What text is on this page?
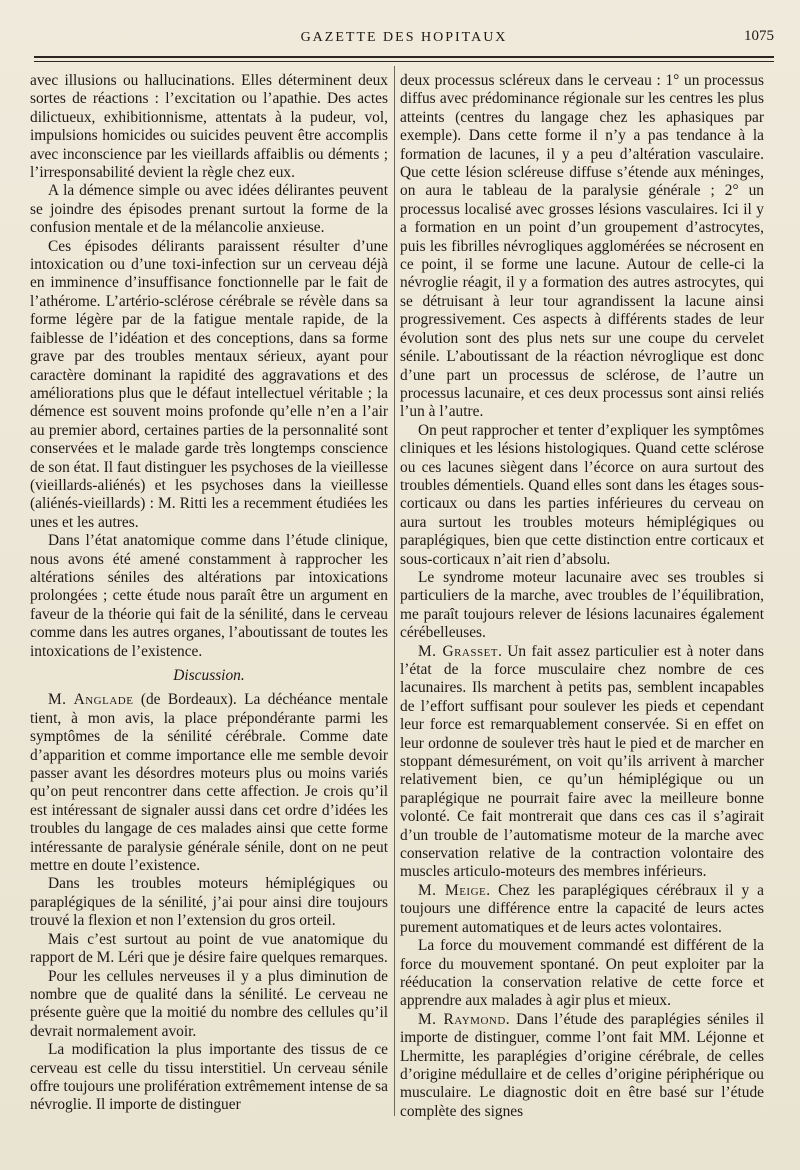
GAZETTE DES HOPITAUX	1075

avec illusions ou hallucinations. Elles déterminent deux sortes de réactions : l’excitation ou l’apathie. Des actes dilictueux, exhibitionnisme, attentats à la pudeur, vol, impulsions homicides ou suicides peuvent être accomplis avec inconscience par les vieillards affaiblis ou déments ; l’irresponsabilité devient la règle chez eux.

A la démence simple ou avec idées délirantes peuvent se joindre des épisodes prenant surtout la forme de la confusion mentale et de la mélancolie anxieuse.

Ces épisodes délirants paraissent résulter d’une intoxication ou d’une toxi-infection sur un cerveau déjà en imminence d’insuffisance fonctionnelle par le fait de l’athérome. L’artério-sclérose cérébrale se révèle dans sa forme légère par de la fatigue mentale rapide, de la faiblesse de l’idéation et des conceptions, dans sa forme grave par des troubles mentaux sérieux, ayant pour caractère dominant la rapidité des aggravations et des améliorations plus que le défaut intellectuel véritable ; la démence est souvent moins profonde qu’elle n’en a l’air au premier abord, certaines parties de la personnalité sont conservées et le malade garde très longtemps conscience de son état. Il faut distinguer les psychoses de la vieillesse (vieillards-aliénés) et les psychoses dans la vieillesse (aliénés-vieillards) : M. Ritti les a recemment étudiées les unes et les autres.

Dans l’état anatomique comme dans l’étude clinique, nous avons été amené constamment à rapprocher les altérations séniles des altérations par intoxications prolongées ; cette étude nous paraît être un argument en faveur de la théorie qui fait de la sénilité, dans le cerveau comme dans les autres organes, l’aboutissant de toutes les intoxications de l’existence.

Discussion.

M. Anglade (de Bordeaux). La déchéance mentale tient, à mon avis, la place prépondérante parmi les symptômes de la sénilité cérébrale. Comme date d’apparition et comme importance elle me semble devoir passer avant les désordres moteurs plus ou moins variés qu’on peut rencontrer dans cette affection. Je crois qu’il est intéressant de signaler aussi dans cet ordre d’idées les troubles du langage de ces malades ainsi que cette forme intéressante de paralysie générale sénile, dont on ne peut mettre en doute l’existence.

Dans les troubles moteurs hémiplégiques ou paraplégiques de la sénilité, j’ai pour ainsi dire toujours trouvé la flexion et non l’extension du gros orteil.

Mais c’est surtout au point de vue anatomique du rapport de M. Léri que je désire faire quelques remarques.

Pour les cellules nerveuses il y a plus diminution de nombre que de qualité dans la sénilité. Le cerveau ne présente guère que la moitié du nombre des cellules qu’il devrait normalement avoir.

La modification la plus importante des tissus de ce cerveau est celle du tissu interstitiel. Un cerveau sénile offre toujours une prolifération extrêmement intense de sa névroglie. Il importe de distinguer

deux processus scléreux dans le cerveau : 1° un processus diffus avec prédominance régionale sur les centres les plus atteints (centres du langage chez les aphasiques par exemple). Dans cette forme il n’y a pas tendance à la formation de lacunes, il y a peu d’altération vasculaire. Que cette lésion scléreuse diffuse s’étende aux méninges, on aura le tableau de la paralysie générale ; 2° un processus localisé avec grosses lésions vasculaires. Ici il y a formation en un point d’un groupement d’astrocytes, puis les fibrilles névrogliques agglomérées se nécrosent en ce point, il se forme une lacune. Autour de celle-ci la névroglie réagit, il y a formation des autres astrocytes, qui se détruisant à leur tour agrandissent la lacune ainsi progressivement. Ces aspects à différents stades de leur évolution sont des plus nets sur une coupe du cervelet sénile. L’aboutissant de la réaction névroglique est donc d’une part un processus de sclérose, de l’autre un processus lacunaire, et ces deux processus sont ainsi reliés l’un à l’autre.

On peut rapprocher et tenter d’expliquer les symptômes cliniques et les lésions histologiques. Quand cette sclérose ou ces lacunes siègent dans l’écorce on aura surtout des troubles démentiels. Quand elles sont dans les étages sous-corticaux ou dans les parties inférieures du cerveau on aura surtout les troubles moteurs hémiplégiques ou paraplégiques, bien que cette distinction entre corticaux et sous-corticaux n’ait rien d’absolu.

Le syndrome moteur lacunaire avec ses troubles si particuliers de la marche, avec troubles de l’équilibration, me paraît toujours relever de lésions lacunaires également cérébelleuses.

M. Grasset. Un fait assez particulier est à noter dans l’état de la force musculaire chez nombre de ces lacunaires. Ils marchent à petits pas, semblent incapables de l’effort suffisant pour soulever les pieds et cependant leur force est remarquablement conservée. Si en effet on leur ordonne de soulever très haut le pied et de marcher en stoppant démesurément, on voit qu’ils arrivent à marcher relativement bien, ce qu’un hémiplégique ou un paraplégique ne pourrait faire avec la meilleure bonne volonté. Ce fait montrerait que dans ces cas il s’agirait d’un trouble de l’automatisme moteur de la marche avec conservation relative de la contraction volontaire des muscles articulo-moteurs des membres inférieurs.

M. Meige. Chez les paraplégiques cérébraux il y a toujours une différence entre la capacité de leurs actes purement automatiques et de leurs actes volontaires.

La force du mouvement commandé est différent de la force du mouvement spontané. On peut exploiter par la rééducation la conservation relative de cette force et apprendre aux malades à agir plus et mieux.

M. Raymond. Dans l’étude des paraplégies séniles il importe de distinguer, comme l’ont fait MM. Léjonne et Lhermitte, les paraplégies d’origine cérébrale, de celles d’origine médullaire et de celles d’origine périphérique ou musculaire. Le diagnostic doit en être basé sur l’étude complète des signes
